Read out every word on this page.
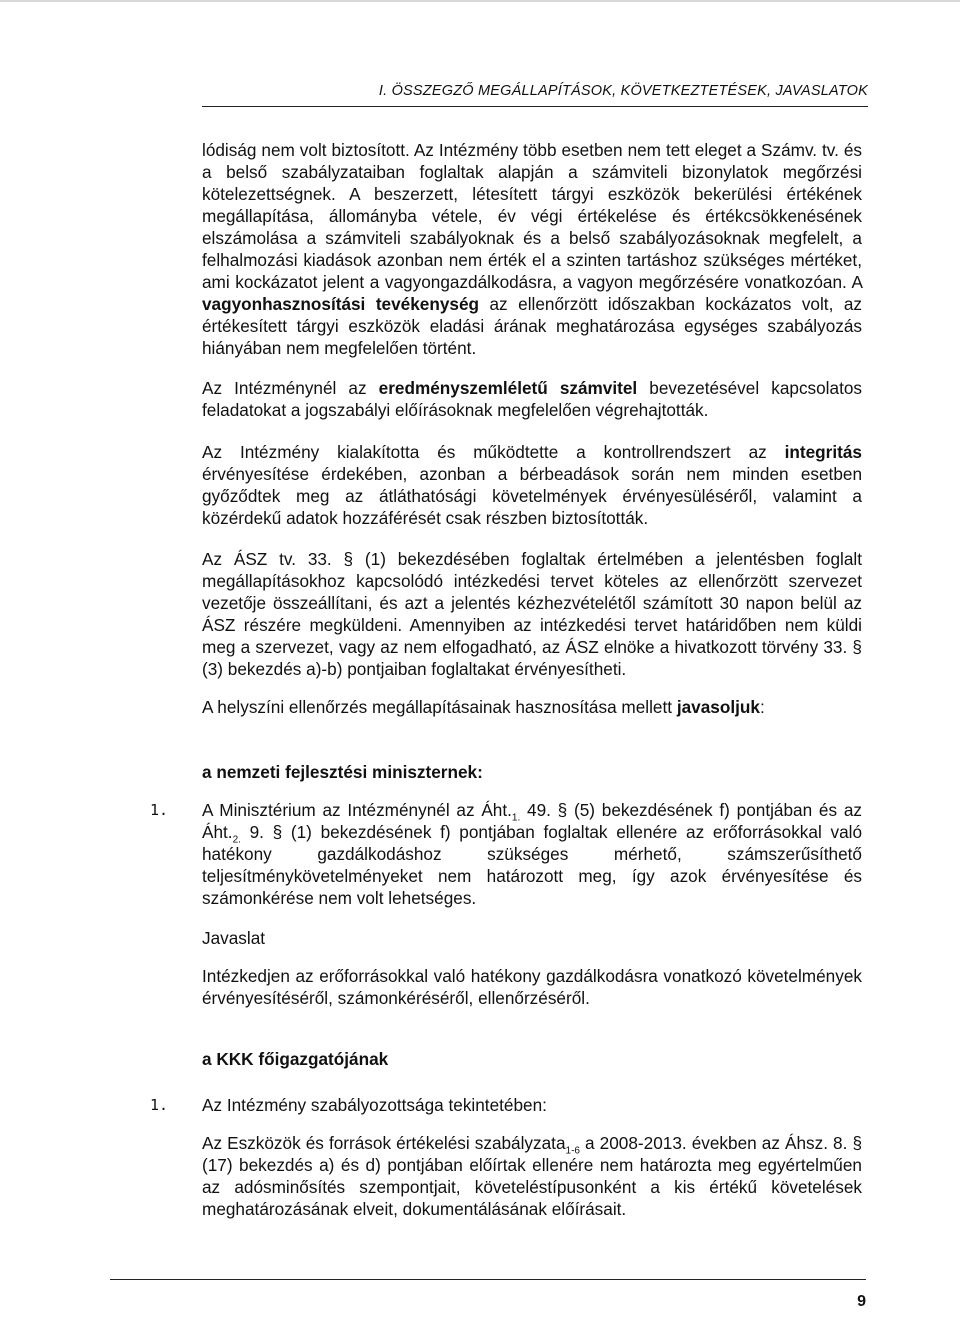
I. ÖSSZEGZŐ MEGÁLLAPÍTÁSOK, KÖVETKEZTETÉSEK, JAVASLATOK

lódiság nem volt biztosított. Az Intézmény több esetben nem tett eleget a Számv. tv. és a belső szabályzataiban foglaltak alapján a számviteli bizonylatok megőrzési kötelezettségnek. A beszerzett, létesített tárgyi eszközök bekerülési értékének megállapítása, állományba vétele, év végi értékelése és értékcsökkenésének elszámolása a számviteli szabályoknak és a belső szabályozásoknak megfelelt, a felhalmozási kiadások azonban nem érték el a szinten tartáshoz szükséges mértéket, ami kockázatot jelent a vagyongazdálkodásra, a vagyon megőrzésére vonatkozóan. A vagyonhasznosítási tevékenység az ellenőrzött időszakban kockázatos volt, az értékesített tárgyi eszközök eladási árának meghatározása egységes szabályozás hiányában nem megfelelően történt.

Az Intézménynél az eredményszemléletű számvitel bevezetésével kapcsolatos feladatokat a jogszabályi előírásoknak megfelelően végrehajtották.

Az Intézmény kialakította és működtette a kontrollrendszert az integritás érvényesítése érdekében, azonban a bérbeadások során nem minden esetben győződtek meg az átláthatósági követelmények érvényesüléséről, valamint a közérdekű adatok hozzáférését csak részben biztosították.

Az ÁSZ tv. 33. § (1) bekezdésében foglaltak értelmében a jelentésben foglalt megállapításokhoz kapcsolódó intézkedési tervet köteles az ellenőrzött szervezet vezetője összeállítani, és azt a jelentés kézhezvételétől számított 30 napon belül az ÁSZ részére megküldeni. Amennyiben az intézkedési tervet határidőben nem küldi meg a szervezet, vagy az nem elfogadható, az ÁSZ elnöke a hivatkozott törvény 33. § (3) bekezdés a)-b) pontjaiban foglaltakat érvényesítheti.

A helyszíni ellenőrzés megállapításainak hasznosítása mellett javasoljuk:

a nemzeti fejlesztési miniszternek:

1. A Minisztérium az Intézménynél az $Áht._{1.}$ 49. § (5) bekezdésének f) pontjában és az $Áht._{2.}$ 9. § (1) bekezdésének f) pontjában foglaltak ellenére az erőforrásokkal való hatékony gazdálkodáshoz szükséges mérhető, számszerűsíthető teljesítménykövetelményeket nem határozott meg, így azok érvényesítése és számonkérése nem volt lehetséges.

Javaslat

Intézkedjen az erőforrásokkal való hatékony gazdálkodásra vonatkozó követelmények érvényesítéséről, számonkéréséről, ellenőrzéséről.

a KKK főigazgatójának

1. Az Intézmény szabályozottsága tekintetében:

Az Eszközök és források értékelési szabályzata$_{1-6}$ a 2008-2013. években az Áhsz. 8. § (17) bekezdés a) és d) pontjában előírtak ellenére nem határozta meg egyértelműen az adósminősítés szempontjait, követeléstípusonként a kis értékű követelések meghatározásának elveit, dokumentálásának előírásait.

9
